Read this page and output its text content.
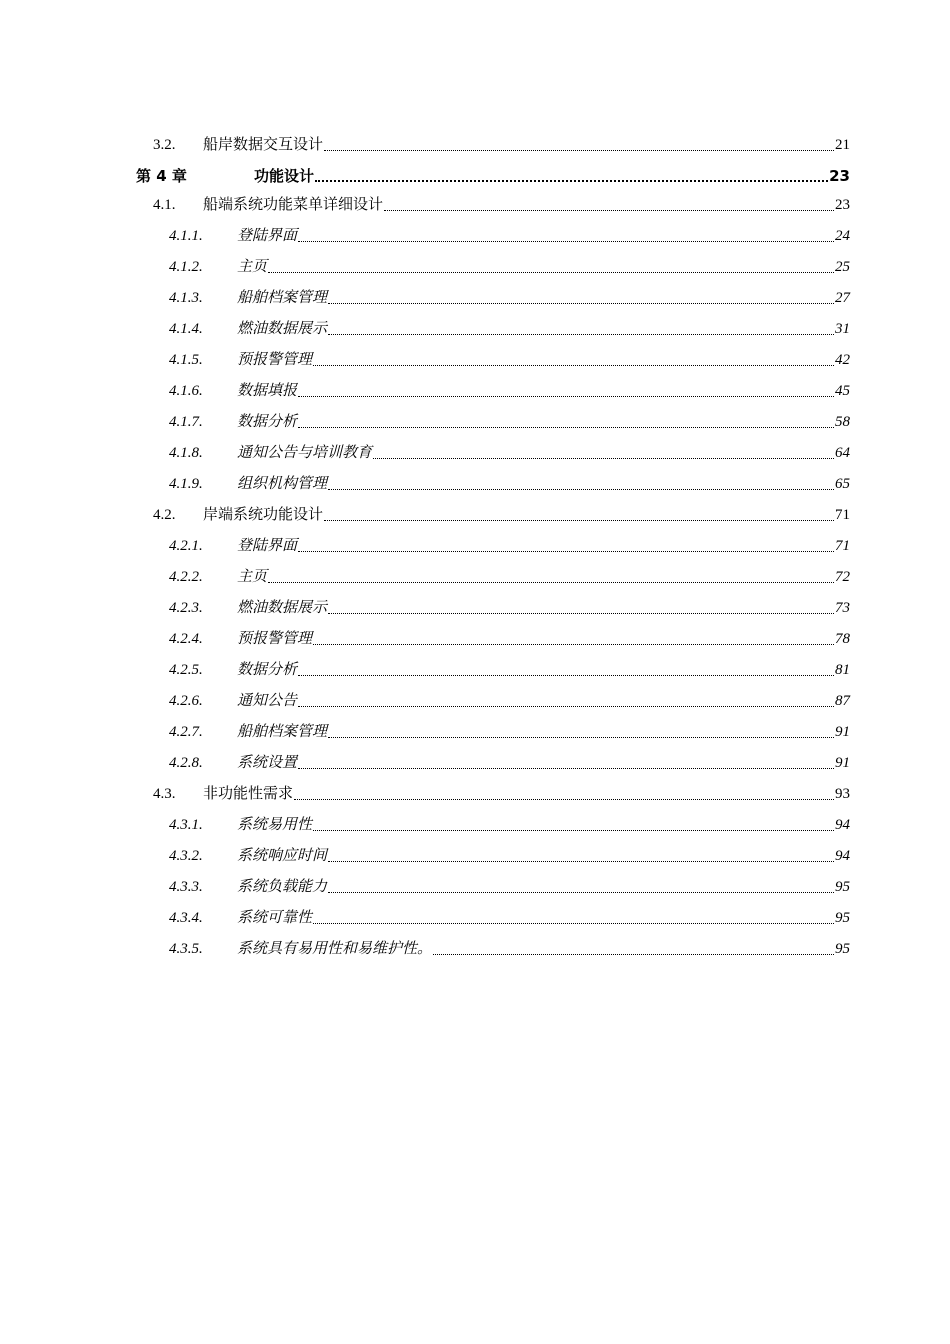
3.2.	船岸数据交互设计	21
第 4 章	功能设计	23
4.1.	船端系统功能菜单详细设计	23
4.1.1.	登陆界面	24
4.1.2.	主页	25
4.1.3.	船舶档案管理	27
4.1.4.	燃油数据展示	31
4.1.5.	预报警管理	42
4.1.6.	数据填报	45
4.1.7.	数据分析	58
4.1.8.	通知公告与培训教育	64
4.1.9.	组织机构管理	65
4.2.	岸端系统功能设计	71
4.2.1.	登陆界面	71
4.2.2.	主页	72
4.2.3.	燃油数据展示	73
4.2.4.	预报警管理	78
4.2.5.	数据分析	81
4.2.6.	通知公告	87
4.2.7.	船舶档案管理	91
4.2.8.	系统设置	91
4.3.	非功能性需求	93
4.3.1.	系统易用性	94
4.3.2.	系统响应时间	94
4.3.3.	系统负载能力	95
4.3.4.	系统可靠性	95
4.3.5.	系统具有易用性和易维护性。	95
